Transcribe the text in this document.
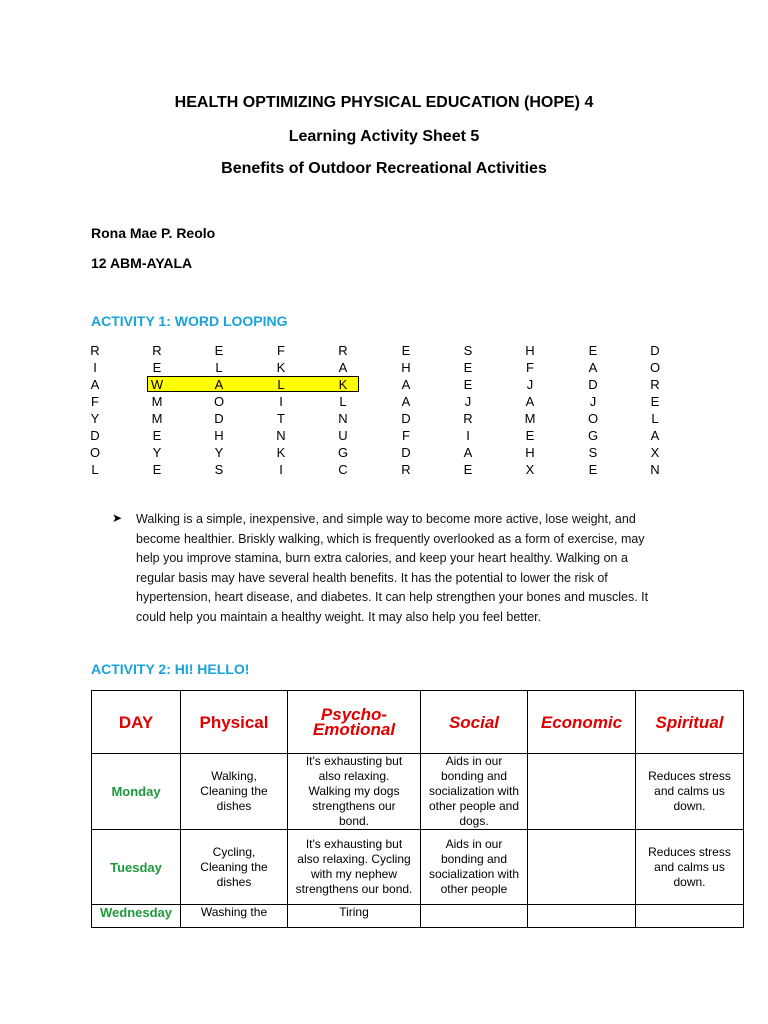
HEALTH OPTIMIZING PHYSICAL EDUCATION (HOPE) 4
Learning Activity Sheet 5
Benefits of Outdoor Recreational Activities
Rona Mae P. Reolo
12 ABM-AYALA
ACTIVITY 1: WORD LOOPING
R	R	E	F	R	E	S	H	E	D
I	E	L	K	A	H	E	F	A	O
A	W	A	L	K	A	E	J	D	R
F	M	O	I	L	A	J	A	J	E
Y	M	D	T	N	D	R	M	O	L
D	E	H	N	U	F	I	E	G	A
O	Y	Y	K	G	D	A	H	S	X
L	E	S	I	C	R	E	X	E	N
➤ Walking is a simple, inexpensive, and simple way to become more active, lose weight, and become healthier. Briskly walking, which is frequently overlooked as a form of exercise, may help you improve stamina, burn extra calories, and keep your heart healthy. Walking on a regular basis may have several health benefits. It has the potential to lower the risk of hypertension, heart disease, and diabetes. It can help strengthen your bones and muscles. It could help you maintain a healthy weight. It may also help you feel better.
ACTIVITY 2: HI! HELLO!
DAY	Physical	Psycho-Emotional	Social	Economic	Spiritual
Monday	Walking, Cleaning the dishes	It's exhausting but also relaxing. Walking my dogs strengthens our bond.	Aids in our bonding and socialization with other people and dogs.		Reduces stress and calms us down.
Tuesday	Cycling, Cleaning the dishes	It's exhausting but also relaxing. Cycling with my nephew strengthens our bond.	Aids in our bonding and socialization with other people		Reduces stress and calms us down.
Wednesday	Washing the	Tiring			
